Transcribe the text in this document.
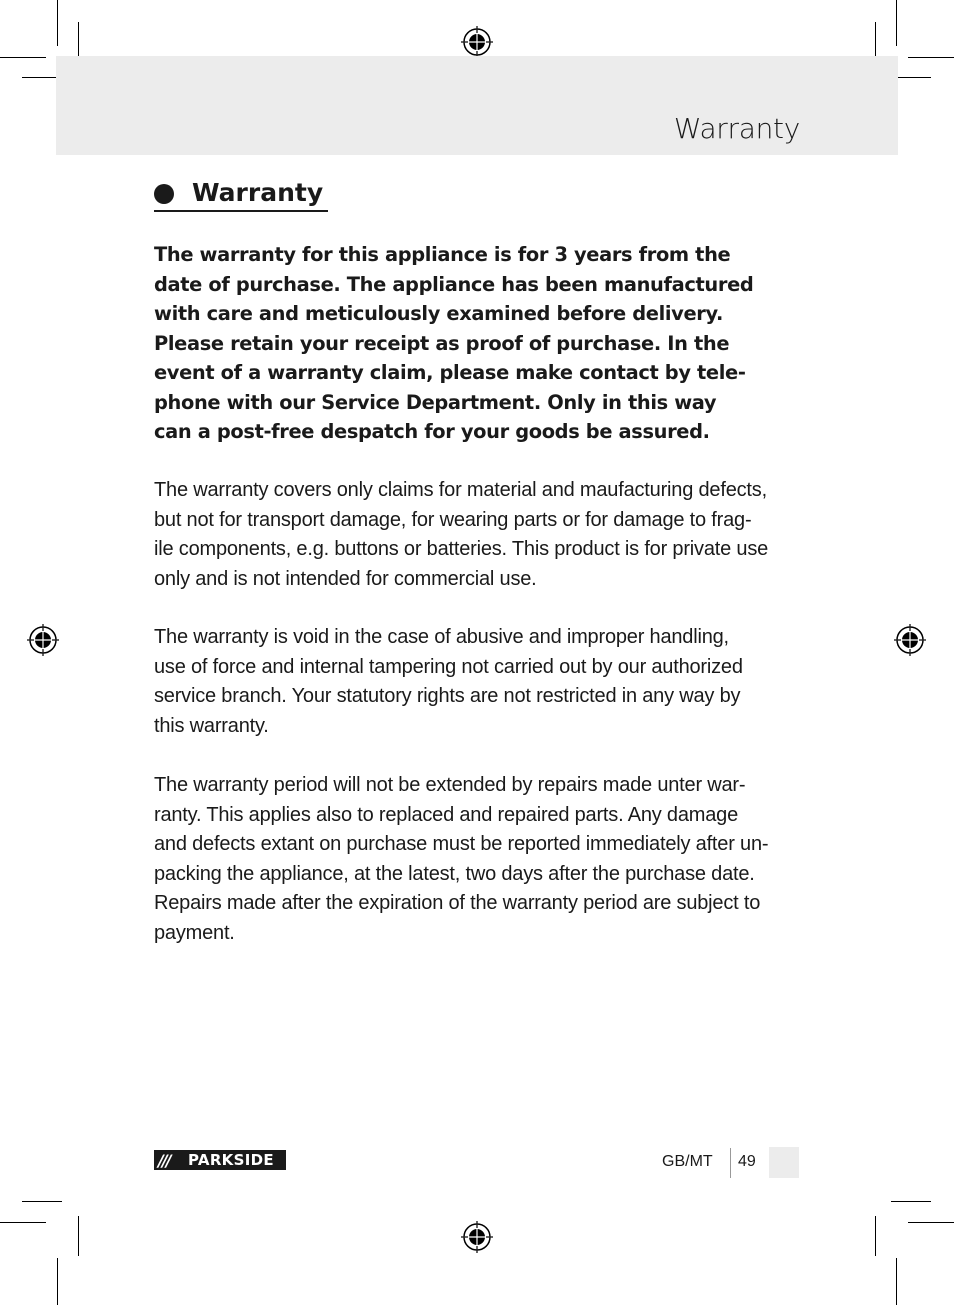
Warranty
Warranty

The warranty for this appliance is for 3 years from the
date of purchase. The appliance has been manufactured
with care and meticulously examined before delivery.
Please retain your receipt as proof of purchase. In the
event of a warranty claim, please make contact by tele-
phone with our Service Department. Only in this way
can a post-free despatch for your goods be assured.

The warranty covers only claims for material and maufacturing defects,
but not for transport damage, for wearing parts or for damage to frag-
ile components, e.g. buttons or batteries. This product is for private use
only and is not intended for commercial use.

The warranty is void in the case of abusive and improper handling,
use of force and internal tampering not carried out by our authorized
service branch. Your statutory rights are not restricted in any way by
this warranty.

The warranty period will not be extended by repairs made unter war-
ranty. This applies also to replaced and repaired parts. Any damage
and defects extant on purchase must be reported immediately after un-
packing the appliance, at the latest, two days after the purchase date.
Repairs made after the expiration of the warranty period are subject to
payment.

///	PARKSIDE	GB/MT 49
